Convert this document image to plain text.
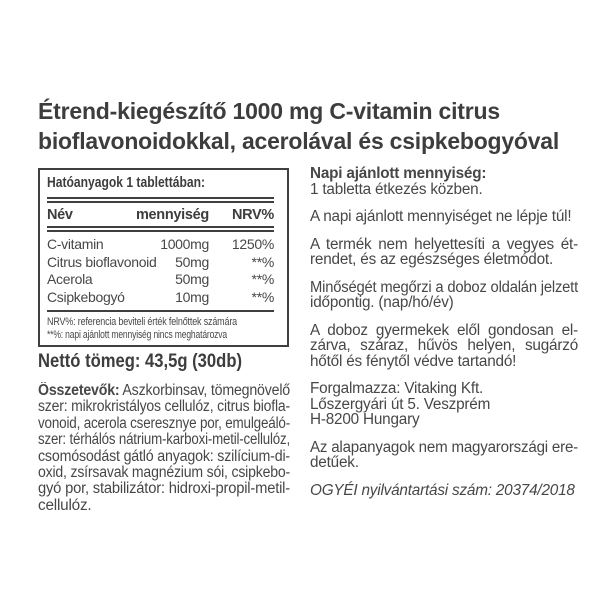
Étrend-kiegészítő 1000 mg C-vitamin citrus
bioflavonoidokkal, acerolával és csipkebogyóval
Hatóanyagok 1 tablettában:
Név	mennyiség NRV%
C-vitamin	1000mg 1250%
Citrus bioflavonoid 50mg	**%
Acerola	50mg	**%
Csipkebogyó	10mg	**%
NRV%: referencia beviteli érték felnőttek számára
**%: napi ajánlott mennyiség nincs meghatározva
Nettó tömeg: 43,5g (30db)
Összetevők: Aszkorbinsav, tömegnövelő
szer: mikrokristályos cellulóz, citrus biofla-
vonoid, acerola cseresznye por, emulgeáló-
szer: térhálós nátrium-karboxi-metil-cellulóz,
csomósodást gátló anyagok: szilícium-di-
oxid, zsírsavak magnézium sói, csipkebo-
gyó por, stabilizátor: hidroxi-propil-metil-
cellulóz.
Napi ajánlott mennyiség:
1 tabletta étkezés közben.
A napi ajánlott mennyiséget ne lépje túl!
A termék nem helyettesíti a vegyes ét-
rendet, és az egészséges életmódot.
Minőségét megőrzi a doboz oldalán jelzett
időpontig. (nap/hó/év)
A doboz gyermekek elől gondosan el-
zárva, száraz, hűvös helyen, sugárzó
hőtől és fénytől védve tartandó!
Forgalmazza: Vitaking Kft.
Lőszergyári út 5. Veszprém
H-8200 Hungary
Az alapanyagok nem magyarországi ere-
detűek.
OGYÉI nyilvántartási szám: 20374/2018
